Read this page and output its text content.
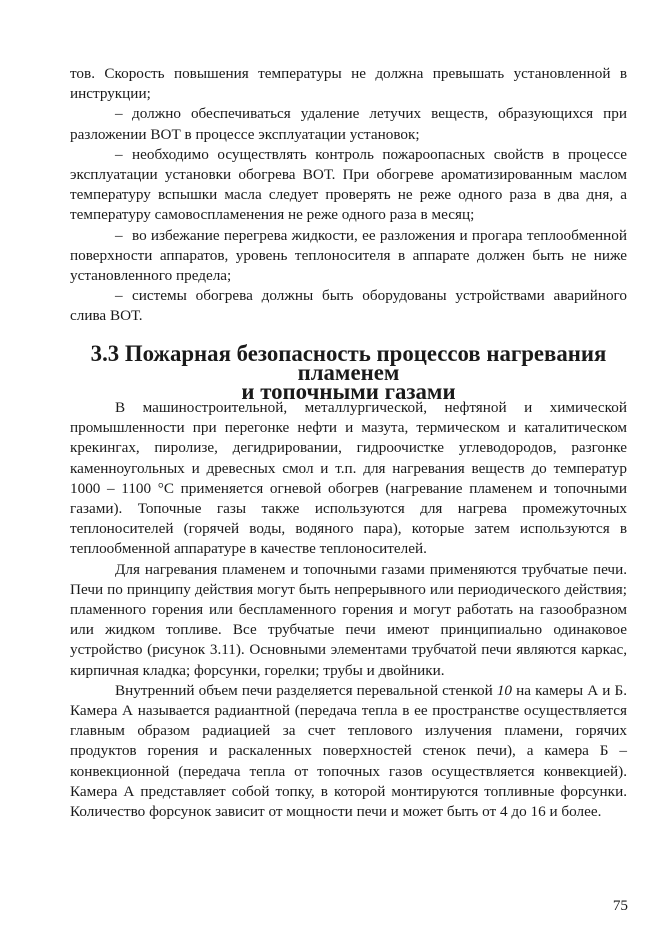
тов. Скорость повышения температуры не должна превышать установленной в инструкции;

– должно обеспечиваться удаление летучих веществ, образующихся при разложении ВОТ в процессе эксплуатации установок;

– необходимо осуществлять контроль пожароопасных свойств в процессе эксплуатации установки обогрева ВОТ. При обогреве ароматизированным маслом температуру вспышки масла следует проверять не реже одного раза в два дня, а температуру самовоспламенения не реже одного раза в месяц;

– во избежание перегрева жидкости, ее разложения и прогара теплообменной поверхности аппаратов, уровень теплоносителя в аппарате должен быть не ниже установленного предела;

– системы обогрева должны быть оборудованы устройствами аварийного слива ВОТ.

3.3 Пожарная безопасность процессов нагревания пламенем
и топочными газами

В машиностроительной, металлургической, нефтяной и химической промышленности при перегонке нефти и мазута, термическом и каталитическом крекингах, пиролизе, дегидрировании, гидроочистке углеводородов, разгонке каменноугольных и древесных смол и т.п. для нагревания веществ до температур 1000 – 1100 °С применяется огневой обогрев (нагревание пламенем и топочными газами). Топочные газы также используются для нагрева промежуточных теплоносителей (горячей воды, водяного пара), которые затем используются в теплообменной аппаратуре в качестве теплоносителей.

Для нагревания пламенем и топочными газами применяются трубчатые печи. Печи по принципу действия могут быть непрерывного или периодического действия; пламенного горения или беспламенного горения и могут работать на газообразном или жидком топливе. Все трубчатые печи имеют принципиально одинаковое устройство (рисунок 3.11). Основными элементами трубчатой печи являются каркас, кирпичная кладка; форсунки, горелки; трубы и двойники.

Внутренний объем печи разделяется перевальной стенкой 10 на камеры А и Б. Камера А называется радиантной (передача тепла в ее пространстве осуществляется главным образом радиацией за счет теплового излучения пламени, горячих продуктов горения и раскаленных поверхностей стенок печи), а камера Б – конвекционной (передача тепла от топочных газов осуществляется конвекцией). Камера А представляет собой топку, в которой монтируются топливные форсунки. Количество форсунок зависит от мощности печи и может быть от 4 до 16 и более.

75
